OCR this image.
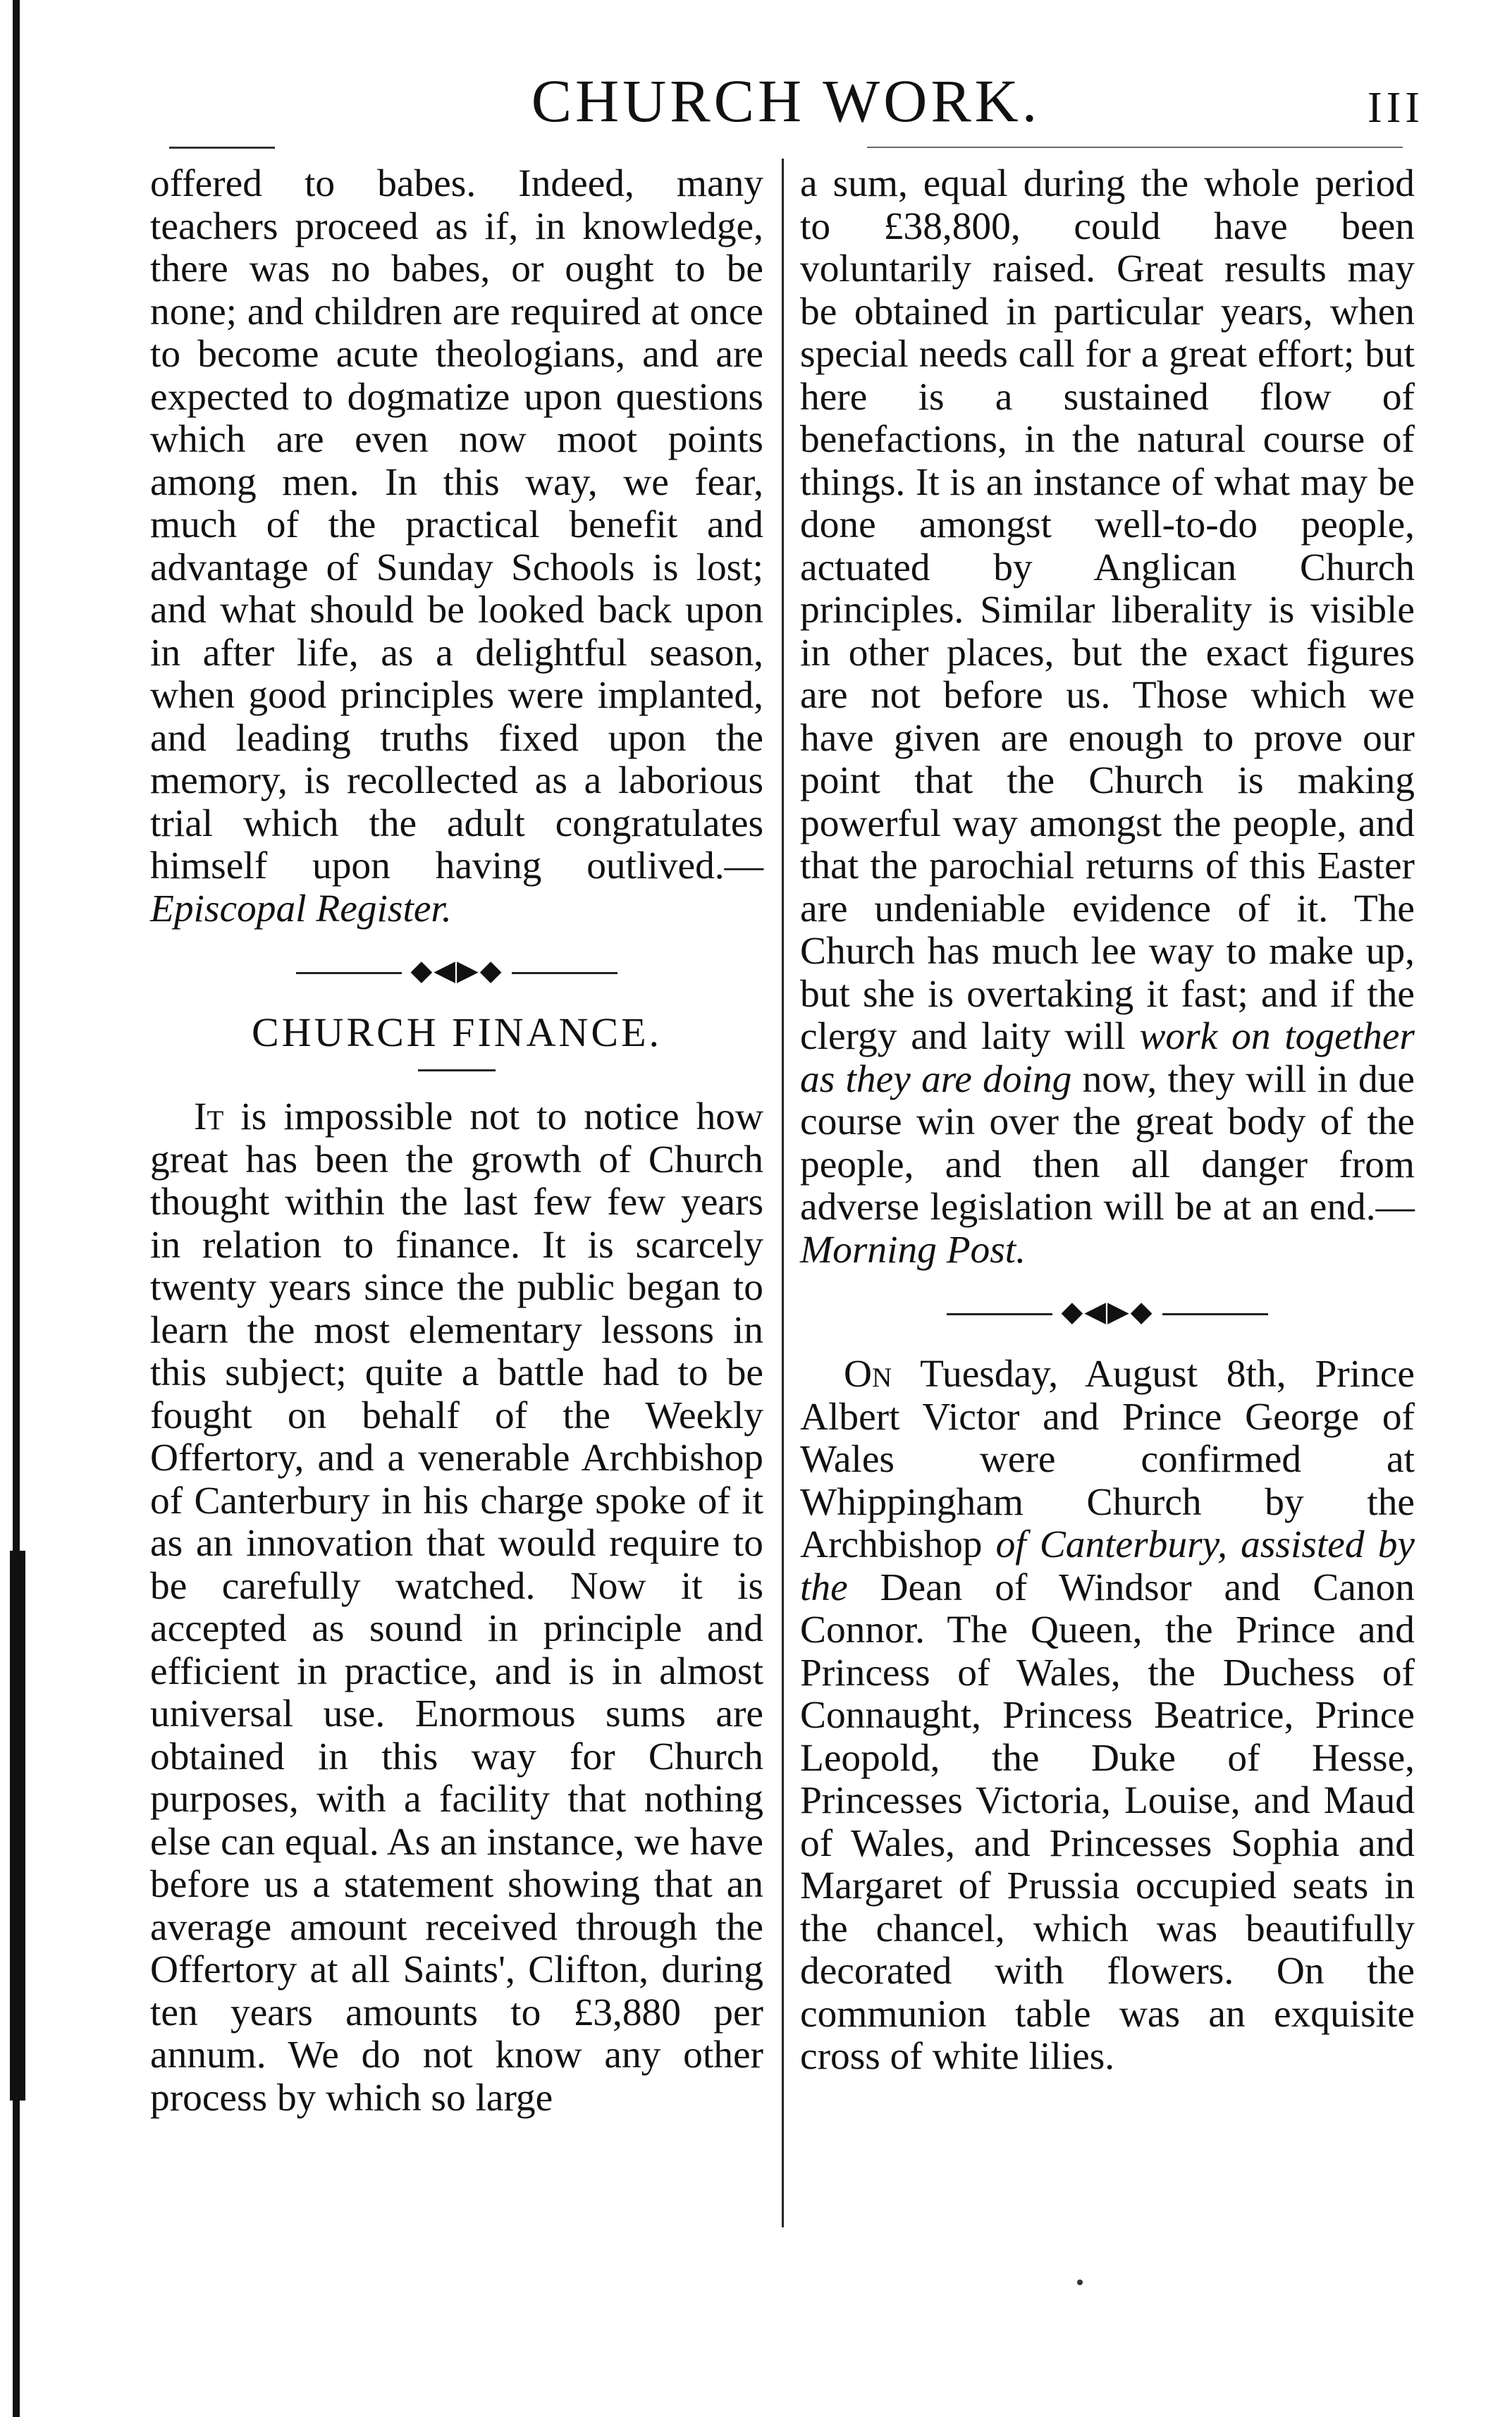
CHURCH WORK.	III

offered to babes. Indeed, many teachers proceed as if, in knowledge, there was no babes, or ought to be none; and children are required at once to become acute theologians, and are expected to dogmatize upon questions which are even now moot points among men. In this way, we fear, much of the practical benefit and advantage of Sunday Schools is lost; and what should be looked back upon in after life, as a delightful season, when good principles were implanted, and leading truths fixed upon the memory, is recollected as a laborious trial which the adult congratulates himself upon having outlived.—Episcopal Register.

◆◀▶◆
CHURCH FINANCE.

It is impossible not to notice how great has been the growth of Church thought within the last few few years in relation to finance. It is scarcely twenty years since the public began to learn the most elementary lessons in this subject; quite a battle had to be fought on behalf of the Weekly Offertory, and a venerable Archbishop of Canterbury in his charge spoke of it as an innovation that would require to be carefully watched. Now it is accepted as sound in principle and efficient in practice, and is in almost universal use. Enormous sums are obtained in this way for Church purposes, with a facility that nothing else can equal. As an instance, we have before us a statement showing that an average amount received through the Offertory at all Saints', Clifton, during ten years amounts to £3,880 per annum. We do not know any other process by which so large

a sum, equal during the whole period to £38,800, could have been voluntarily raised. Great results may be obtained in particular years, when special needs call for a great effort; but here is a sustained flow of benefactions, in the natural course of things. It is an instance of what may be done amongst well-to-do people, actuated by Anglican Church principles. Similar liberality is visible in other places, but the exact figures are not before us. Those which we have given are enough to prove our point that the Church is making powerful way amongst the people, and that the parochial returns of this Easter are undeniable evidence of it. The Church has much lee way to make up, but she is overtaking it fast; and if the clergy and laity will work on together as they are doing now, they will in due course win over the great body of the people, and then all danger from adverse legislation will be at an end.—Morning Post.

◆◀▶◆

On Tuesday, August 8th, Prince Albert Victor and Prince George of Wales were confirmed at Whippingham Church by the Archbishop of Canterbury, assisted by the Dean of Windsor and Canon Connor. The Queen, the Prince and Princess of Wales, the Duchess of Connaught, Princess Beatrice, Prince Leopold, the Duke of Hesse, Princesses Victoria, Louise, and Maud of Wales, and Princesses Sophia and Margaret of Prussia occupied seats in the chancel, which was beautifully decorated with flowers. On the communion table was an exquisite cross of white lilies.
